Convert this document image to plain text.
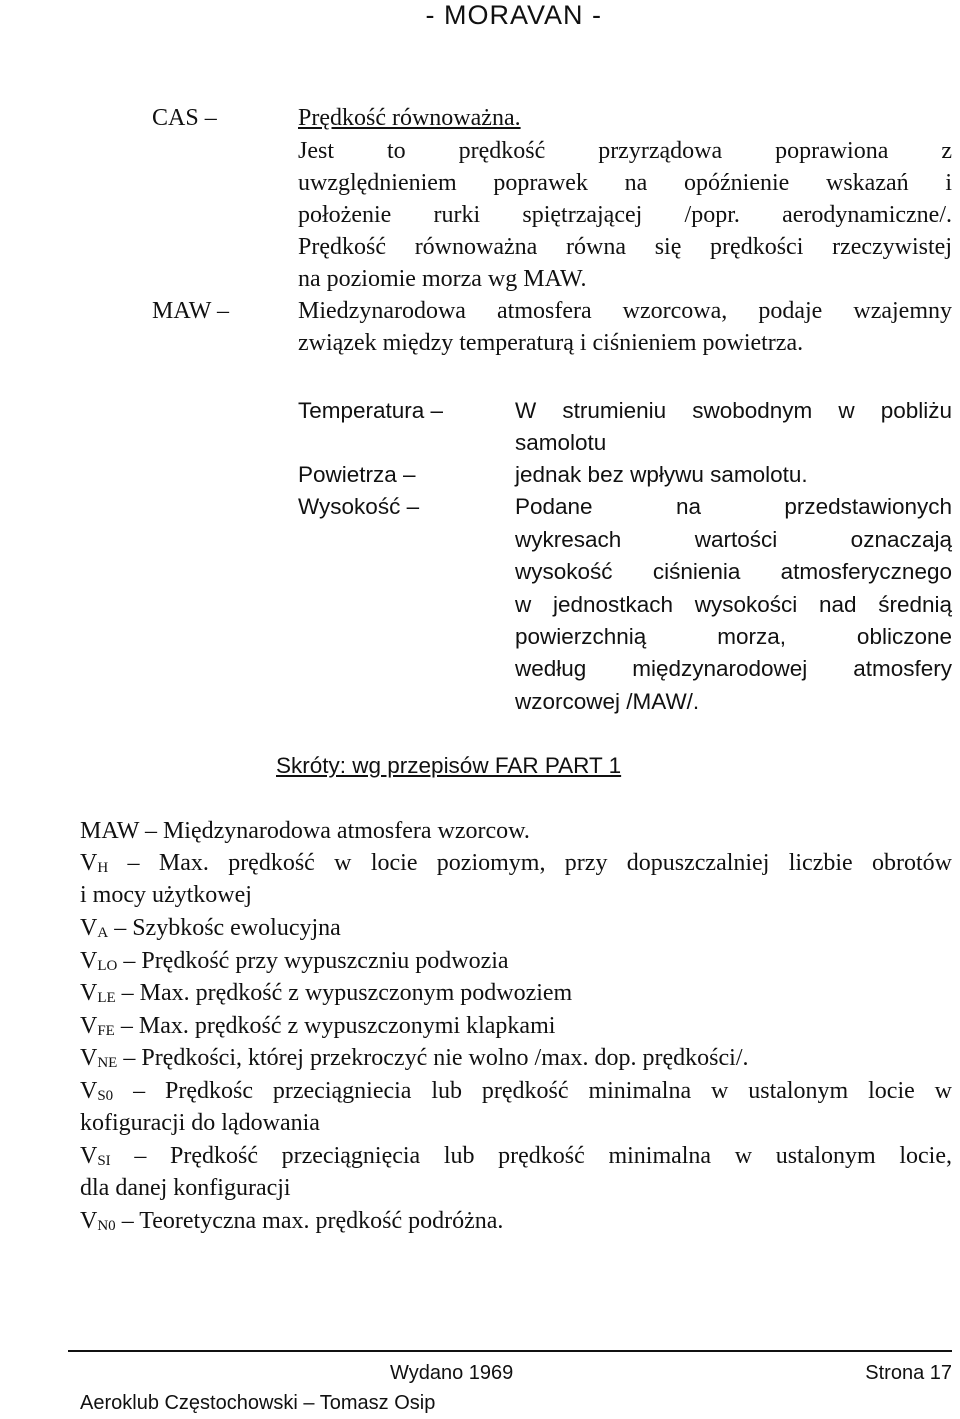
- MORAVAN -
CAS –	Prędkość równoważna.
Jest to prędkość przyrządowa poprawiona z
uwzględnieniem poprawek na opóźnienie wskazań i
położenie rurki spiętrzającej /popr. aerodynamiczne/.
Prędkość równoważna równa się prędkości rzeczywistej
na poziomie morza wg MAW.
MAW –	Miedzynarodowa atmosfera wzorcowa, podaje wzajemny
związek między temperaturą i ciśnieniem powietrza.
Temperatura –	W strumieniu swobodnym w pobliżu
samolotu
Powietrza –	jednak bez wpływu samolotu.
Wysokość –	Podane na przedstawionych
wykresach wartości oznaczają
wysokość ciśnienia atmosferycznego
w jednostkach wysokości nad średnią
powierzchnią morza, obliczone
według międzynarodowej atmosfery
wzorcowej /MAW/.
Skróty: wg przepisów FAR PART 1
MAW – Międzynarodowa atmosfera wzorcow.
$V_H$ – Max. prędkość w locie poziomym, przy dopuszczalniej liczbie obrotów
i mocy użytkowej
$V_A$ – Szybkośc ewolucyjna
$V_{LO}$ – Prędkość przy wypuszczniu podwozia
$V_{LE}$ – Max. prędkość z wypuszczonym podwoziem
$V_{FE}$ – Max. prędkość z wypuszczonymi klapkami
$V_{NE}$ – Prędkości, której przekroczyć nie wolno /max. dop. prędkości/.
$V_{S0}$ – Prędkośc przeciągniecia lub prędkość minimalna w ustalonym locie w
kofiguracji do lądowania
$V_{SI}$ – Prędkość przeciągnięcia lub prędkość minimalna w ustalonym locie,
dla danej konfiguracji
$V_{N0}$ – Teoretyczna max. prędkość podróżna.
Wydano 1969	Strona 17
Aeroklub Częstochowski – Tomasz Osip
